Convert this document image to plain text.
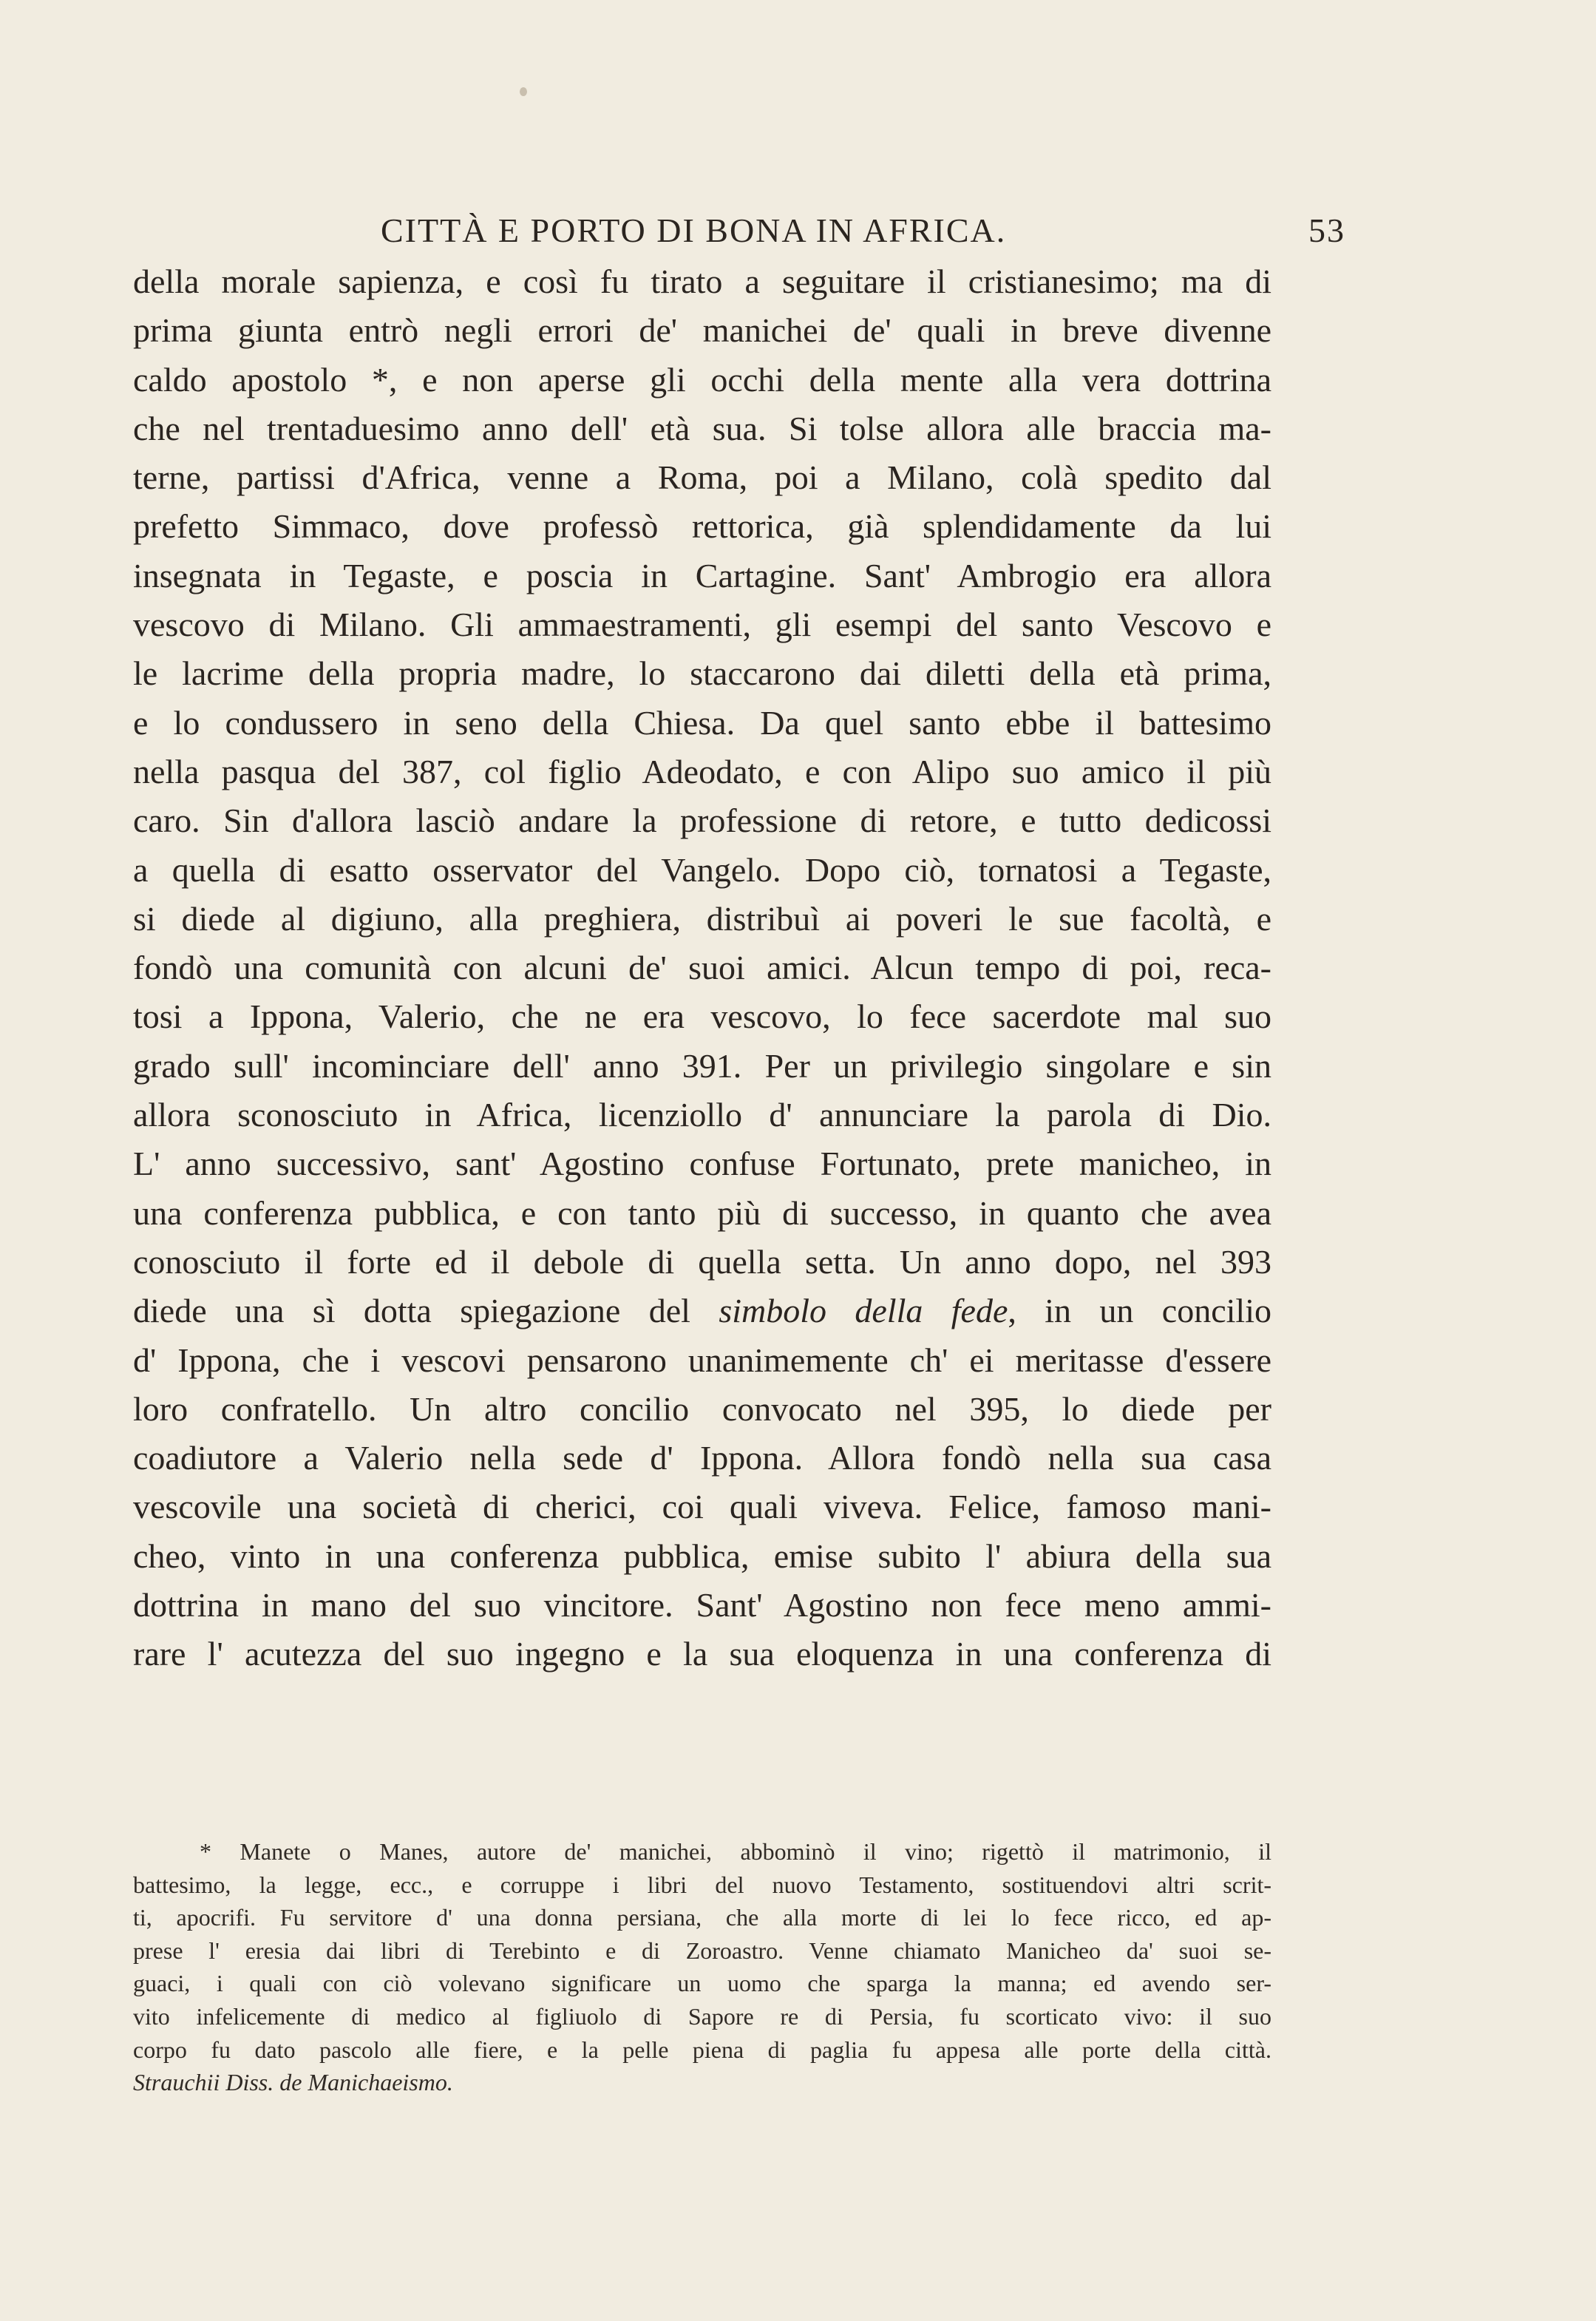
CITTÀ E PORTO DI BONA IN AFRICA.	53
della morale sapienza, e così fu tirato a seguitare il cristianesimo; ma di
prima giunta entrò negli errori de' manichei de' quali in breve divenne
caldo apostolo *, e non aperse gli occhi della mente alla vera dottrina
che nel trentaduesimo anno dell' età sua. Si tolse allora alle braccia ma-
terne, partissi d'Africa, venne a Roma, poi a Milano, colà spedito dal
prefetto Simmaco, dove professò rettorica, già splendidamente da lui
insegnata in Tegaste, e poscia in Cartagine. Sant' Ambrogio era allora
vescovo di Milano. Gli ammaestramenti, gli esempi del santo Vescovo e
le lacrime della propria madre, lo staccarono dai diletti della età prima,
e lo condussero in seno della Chiesa. Da quel santo ebbe il battesimo
nella pasqua del 387, col figlio Adeodato, e con Alipo suo amico il più
caro. Sin d'allora lasciò andare la professione di retore, e tutto dedicossi
a quella di esatto osservator del Vangelo. Dopo ciò, tornatosi a Tegaste,
si diede al digiuno, alla preghiera, distribuì ai poveri le sue facoltà, e
fondò una comunità con alcuni de' suoi amici. Alcun tempo di poi, reca-
tosi a Ippona, Valerio, che ne era vescovo, lo fece sacerdote mal suo
grado sull' incominciare dell' anno 391. Per un privilegio singolare e sin
allora sconosciuto in Africa, licenziollo d' annunciare la parola di Dio.
L' anno successivo, sant' Agostino confuse Fortunato, prete manicheo, in
una conferenza pubblica, e con tanto più di successo, in quanto che avea
conosciuto il forte ed il debole di quella setta. Un anno dopo, nel 393
diede una sì dotta spiegazione del simbolo della fede, in un concilio
d' Ippona, che i vescovi pensarono unanimemente ch' ei meritasse d'essere
loro confratello. Un altro concilio convocato nel 395, lo diede per
coadiutore a Valerio nella sede d' Ippona. Allora fondò nella sua casa
vescovile una società di cherici, coi quali viveva. Felice, famoso mani-
cheo, vinto in una conferenza pubblica, emise subito l' abiura della sua
dottrina in mano del suo vincitore. Sant' Agostino non fece meno ammi-
rare l' acutezza del suo ingegno e la sua eloquenza in una conferenza di
* Manete o Manes, autore de' manichei, abbominò il vino; rigettò il matrimonio, il
battesimo, la legge, ecc., e corruppe i libri del nuovo Testamento, sostituendovi altri scrit-
ti, apocrifi. Fu servitore d' una donna persiana, che alla morte di lei lo fece ricco, ed ap-
prese l' eresia dai libri di Terebinto e di Zoroastro. Venne chiamato Manicheo da' suoi se-
guaci, i quali con ciò volevano significare un uomo che sparga la manna; ed avendo ser-
vito infelicemente di medico al figliuolo di Sapore re di Persia, fu scorticato vivo: il suo
corpo fu dato pascolo alle fiere, e la pelle piena di paglia fu appesa alle porte della città.
Strauchii Diss. de Manichaeismo.
